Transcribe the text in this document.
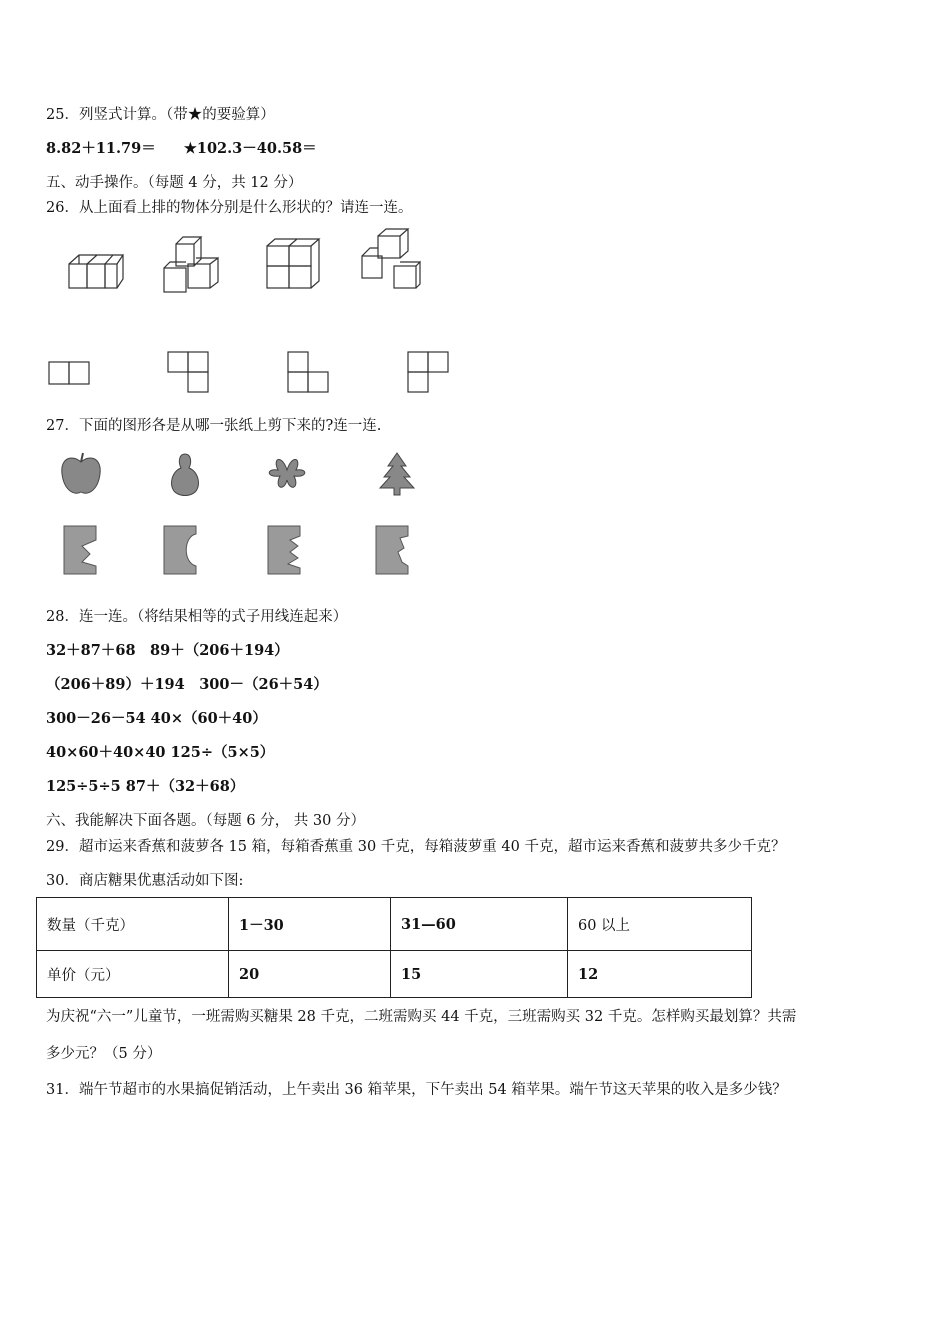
25．列竖式计算。（带★的要验算）
8.82＋11.79＝ ★102.3－40.58＝
五、动手操作。（每题 4 分，共 12 分）
26．从上面看上排的物体分别是什么形状的？请连一连。
27．下面的图形各是从哪一张纸上剪下来的?连一连.
28．连一连。（将结果相等的式子用线连起来）
32＋87＋68　89＋（206＋194）
（206＋89）＋194　300－（26＋54）
300－26－54 40×（60＋40）
40×60＋40×40 125÷（5×5）
125÷5÷5 87＋（32＋68）
六、我能解决下面各题。（每题 6 分， 共 30 分）
29．超市运来香蕉和菠萝各 15 箱，每箱香蕉重 30 千克，每箱菠萝重 40 千克，超市运来香蕉和菠萝共多少千克？
30．商店糖果优惠活动如下图:
数量（千克）	1－30	31—60	60 以上
单价（元）	20	15	12
为庆祝“六一”儿童节，一班需购买糖果 28 千克，二班需购买 44 千克，三班需购买 32 千克。怎样购买最划算？共需
多少元？（5 分）
31．端午节超市的水果搞促销活动，上午卖出 36 箱苹果，下午卖出 54 箱苹果。端午节这天苹果的收入是多少钱？
